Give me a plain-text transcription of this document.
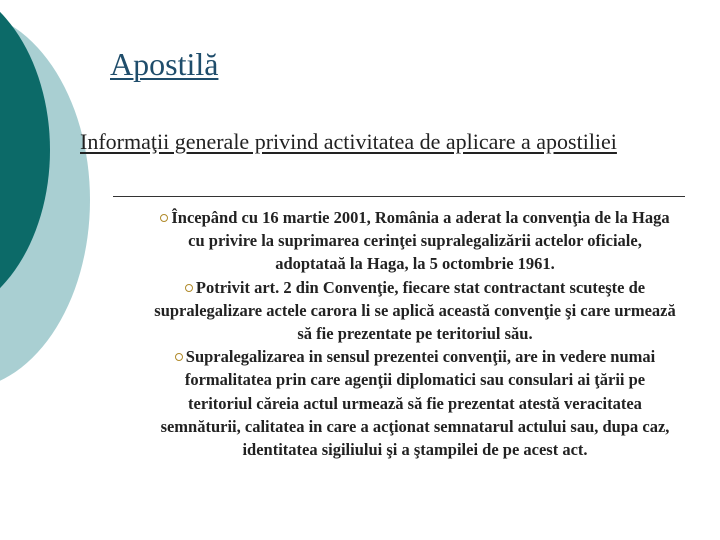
Apostilă
Informaţii generale privind activitatea de aplicare a apostiliei

Începând cu 16 martie 2001, România a aderat la convenţia de la Haga cu privire la suprimarea cerinţei supralegalizării actelor oficiale, adoptataă la Haga, la 5 octombrie 1961.

Potrivit art. 2 din Convenţie, fiecare stat contractant scuteşte de supralegalizare actele carora li se aplică această convenţie şi care urmează să fie prezentate pe teritoriul său.

Supralegalizarea in sensul prezentei convenţii, are in vedere numai formalitatea prin care agenţii diplomatici sau consulari ai ţării pe teritoriul căreia actul urmează să fie prezentat atestă veracitatea semnăturii, calitatea in care a acţionat semnatarul actului sau, dupa caz, identitatea sigiliului şi a ştampilei de pe acest act.
